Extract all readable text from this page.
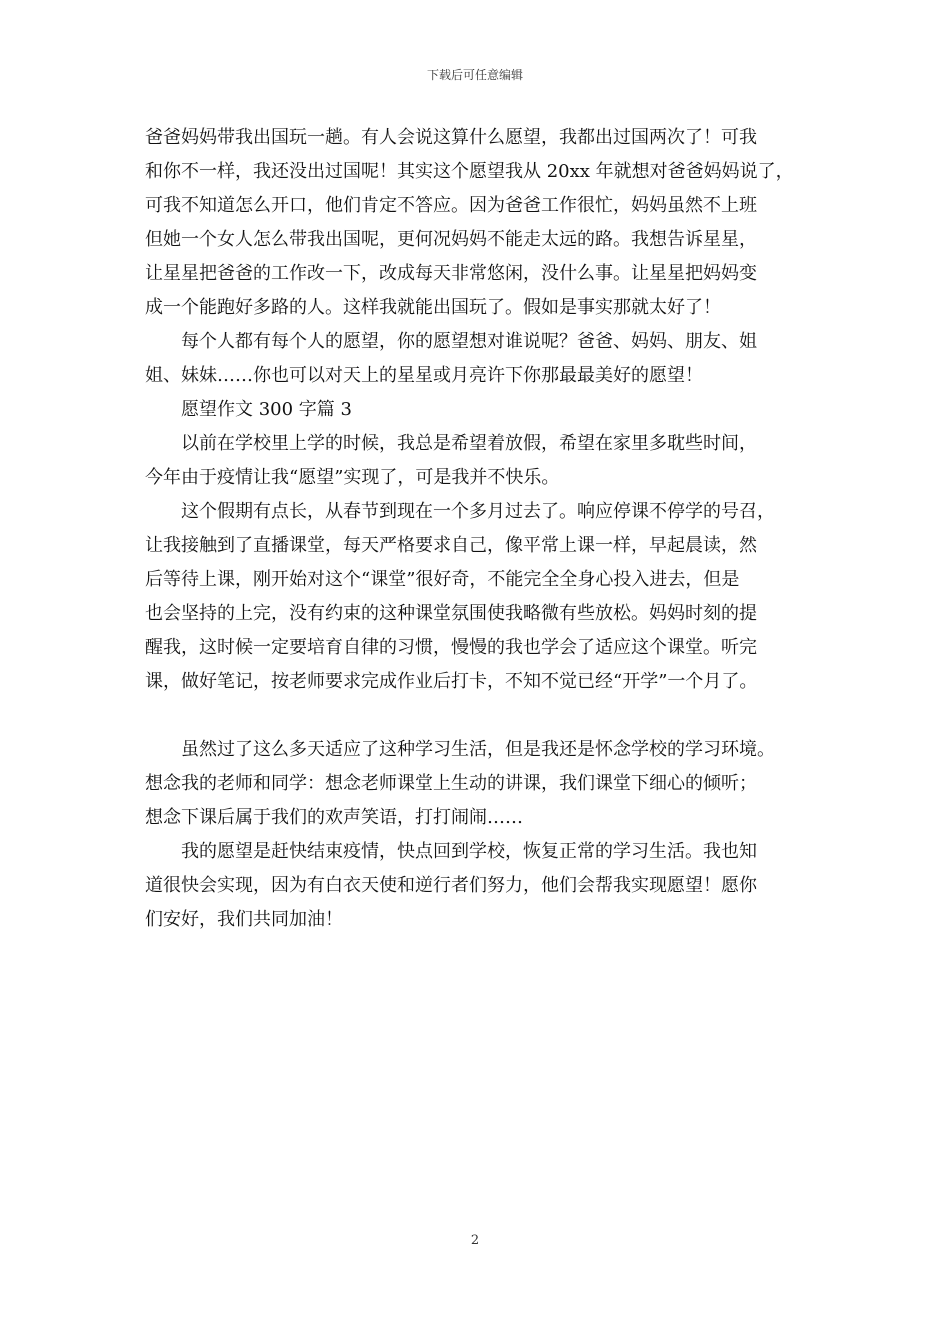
下载后可任意编辑
爸爸妈妈带我出国玩一趟。有人会说这算什么愿望，我都出过国两次了！可我
和你不一样，我还没出过国呢！其实这个愿望我从 20xx 年就想对爸爸妈妈说了，
可我不知道怎么开口，他们肯定不答应。因为爸爸工作很忙，妈妈虽然不上班
但她一个女人怎么带我出国呢，更何况妈妈不能走太远的路。我想告诉星星，
让星星把爸爸的工作改一下，改成每天非常悠闲，没什么事。让星星把妈妈变
成一个能跑好多路的人。这样我就能出国玩了。假如是事实那就太好了！
每个人都有每个人的愿望，你的愿望想对谁说呢？爸爸、妈妈、朋友、姐
姐、妹妹……你也可以对天上的星星或月亮许下你那最最美好的愿望！
愿望作文 300 字篇 3
以前在学校里上学的时候，我总是希望着放假，希望在家里多耽些时间，
今年由于疫情让我“愿望”实现了，可是我并不快乐。
这个假期有点长，从春节到现在一个多月过去了。响应停课不停学的号召，
让我接触到了直播课堂，每天严格要求自己，像平常上课一样，早起晨读，然
后等待上课，刚开始对这个“课堂”很好奇，不能完全全身心投入进去，但是
也会坚持的上完，没有约束的这种课堂氛围使我略微有些放松。妈妈时刻的提
醒我，这时候一定要培育自律的习惯，慢慢的我也学会了适应这个课堂。听完
课，做好笔记，按老师要求完成作业后打卡，不知不觉已经“开学”一个月了。
虽然过了这么多天适应了这种学习生活，但是我还是怀念学校的学习环境。
想念我的老师和同学：想念老师课堂上生动的讲课，我们课堂下细心的倾听；
想念下课后属于我们的欢声笑语，打打闹闹……
我的愿望是赶快结束疫情，快点回到学校，恢复正常的学习生活。我也知
道很快会实现，因为有白衣天使和逆行者们努力，他们会帮我实现愿望！愿你
们安好，我们共同加油！
2
